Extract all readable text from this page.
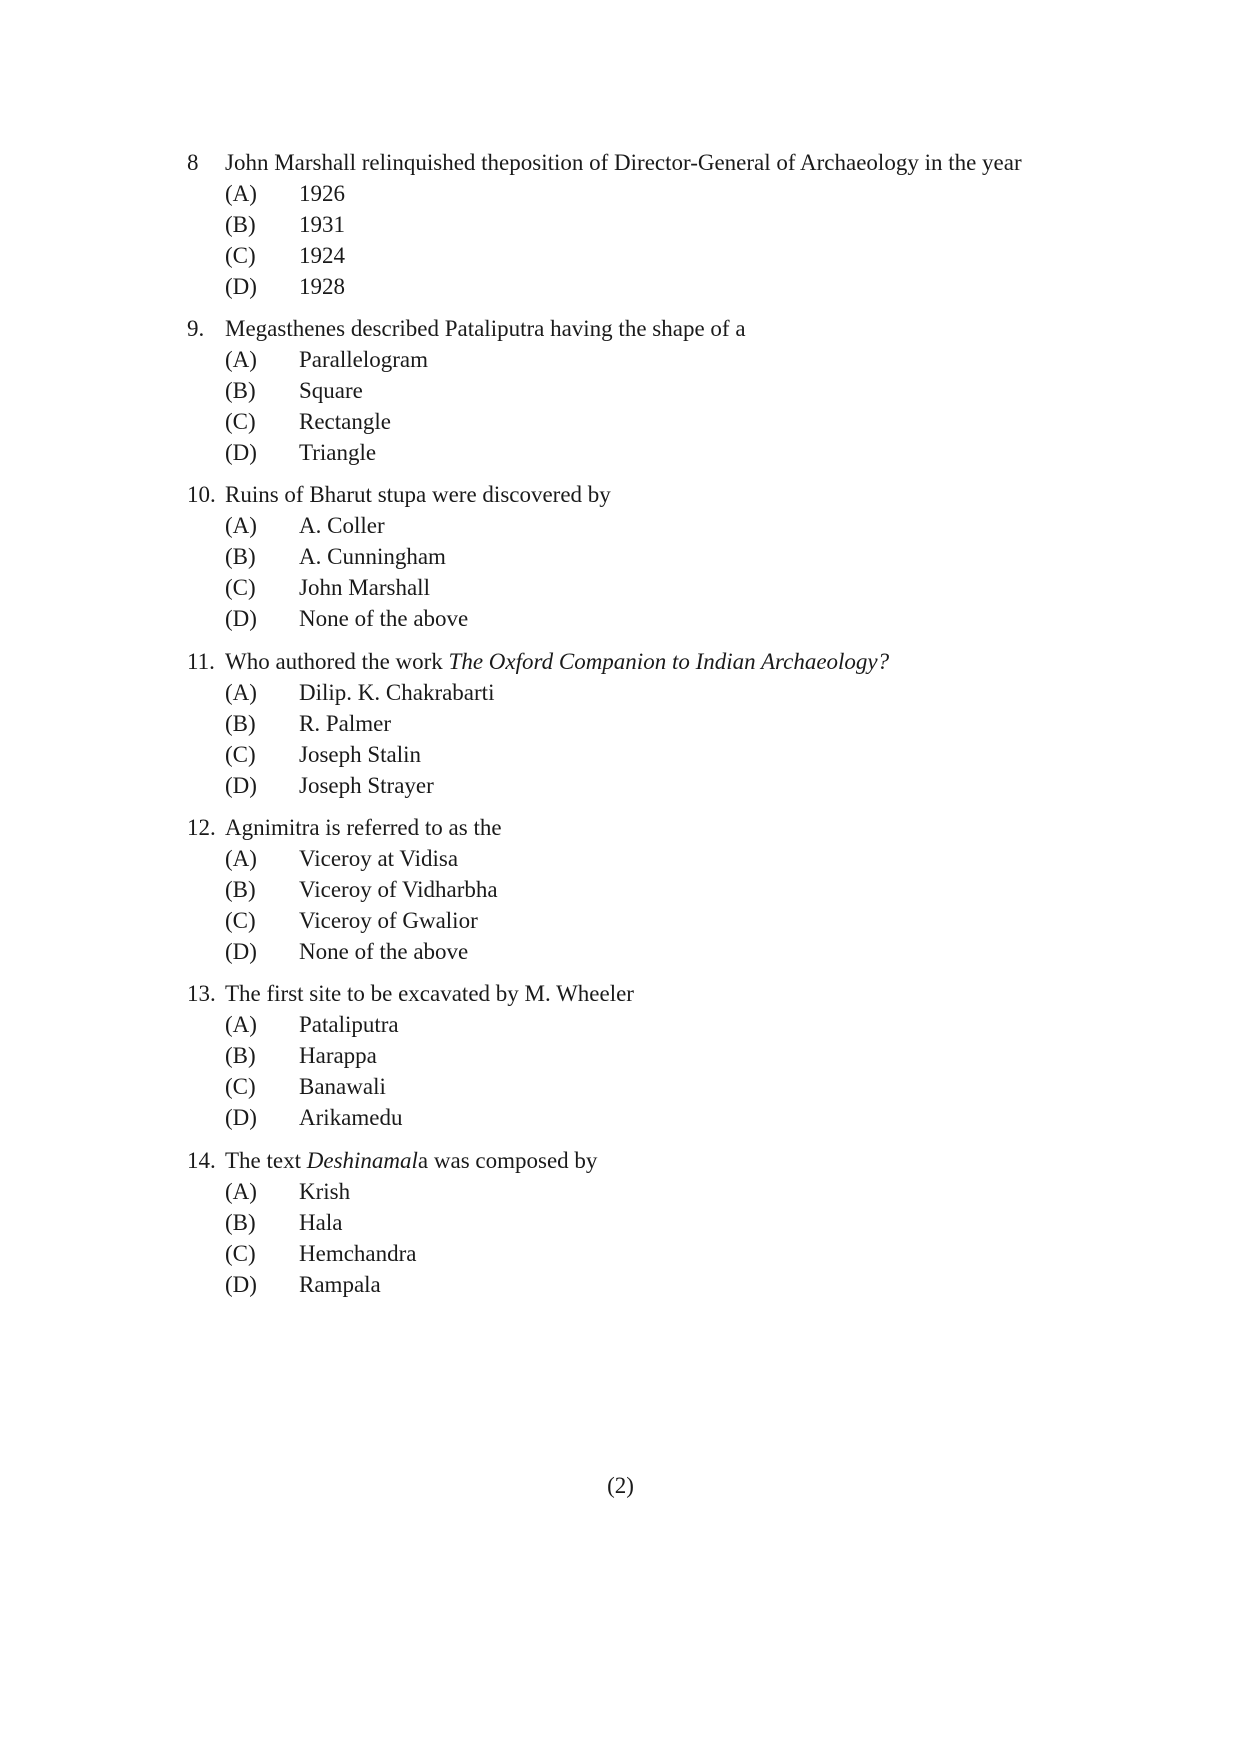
8 John Marshall relinquished theposition of Director-General of Archaeology in the year
(A) 1926
(B) 1931
(C) 1924
(D) 1928
9. Megasthenes described Pataliputra having the shape of a
(A) Parallelogram
(B) Square
(C) Rectangle
(D) Triangle
10. Ruins of Bharut stupa were discovered by
(A) A. Coller
(B) A. Cunningham
(C) John Marshall
(D) None of the above
11. Who authored the work The Oxford Companion to Indian Archaeology?
(A) Dilip. K. Chakrabarti
(B) R. Palmer
(C) Joseph Stalin
(D) Joseph Strayer
12. Agnimitra is referred to as the
(A) Viceroy at Vidisa
(B) Viceroy of Vidharbha
(C) Viceroy of Gwalior
(D) None of the above
13. The first site to be excavated by M. Wheeler
(A) Pataliputra
(B) Harappa
(C) Banawali
(D) Arikamedu
14. The text Deshinamala was composed by
(A) Krish
(B) Hala
(C) Hemchandra
(D) Rampala
(2)
